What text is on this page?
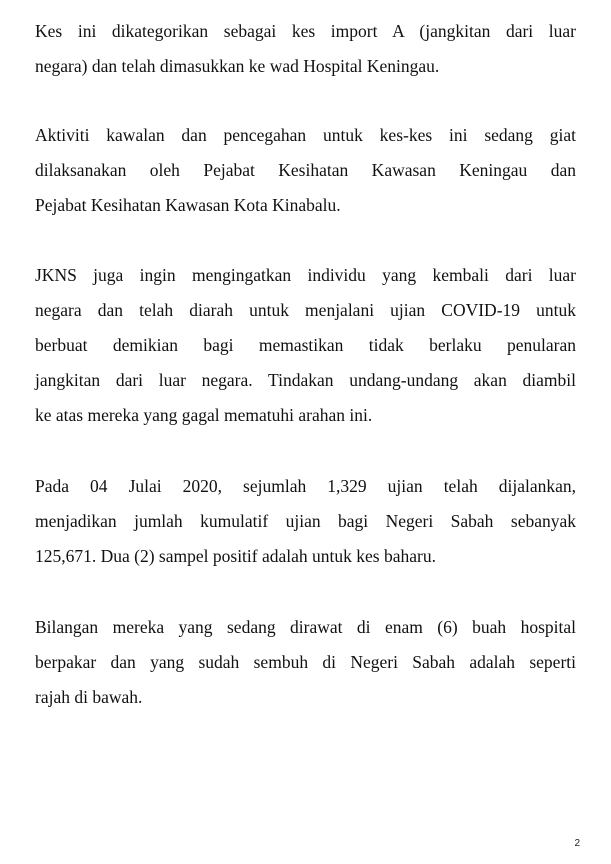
Kes ini dikategorikan sebagai kes import A (jangkitan dari luar
negara) dan telah dimasukkan ke wad Hospital Keningau.

Aktiviti kawalan dan pencegahan untuk kes-kes ini sedang giat
dilaksanakan oleh Pejabat Kesihatan Kawasan Keningau dan
Pejabat Kesihatan Kawasan Kota Kinabalu.

JKNS juga ingin mengingatkan individu yang kembali dari luar
negara dan telah diarah untuk menjalani ujian COVID-19 untuk
berbuat demikian bagi memastikan tidak berlaku penularan
jangkitan dari luar negara. Tindakan undang-undang akan diambil
ke atas mereka yang gagal mematuhi arahan ini.

Pada 04 Julai 2020, sejumlah 1,329 ujian telah dijalankan,
menjadikan jumlah kumulatif ujian bagi Negeri Sabah sebanyak
125,671. Dua (2) sampel positif adalah untuk kes baharu.

Bilangan mereka yang sedang dirawat di enam (6) buah hospital
berpakar dan yang sudah sembuh di Negeri Sabah adalah seperti
rajah di bawah.

2
